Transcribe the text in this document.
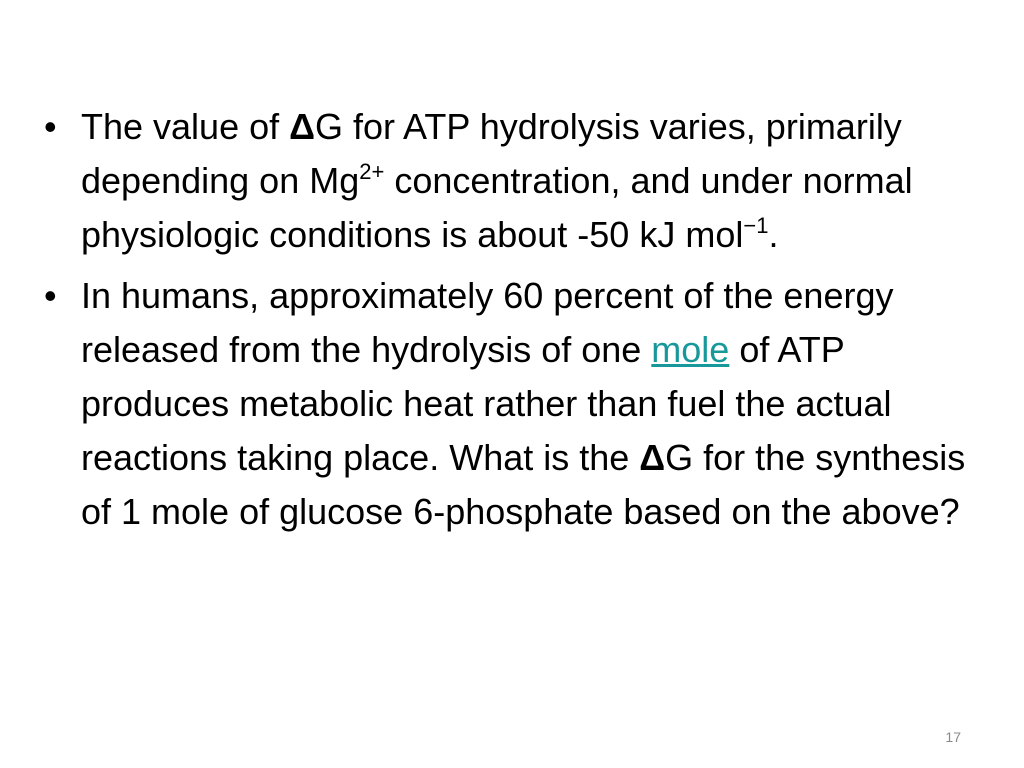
• The value of ΔG for ATP hydrolysis varies, primarily depending on $Mg^{2+}$ concentration, and under normal physiologic conditions is about -50 kJ mol$^{-1}$.
• In humans, approximately 60 percent of the energy released from the hydrolysis of one mole of ATP produces metabolic heat rather than fuel the actual reactions taking place. What is the ΔG for the synthesis of 1 mole of glucose 6-phosphate based on the above?
17
